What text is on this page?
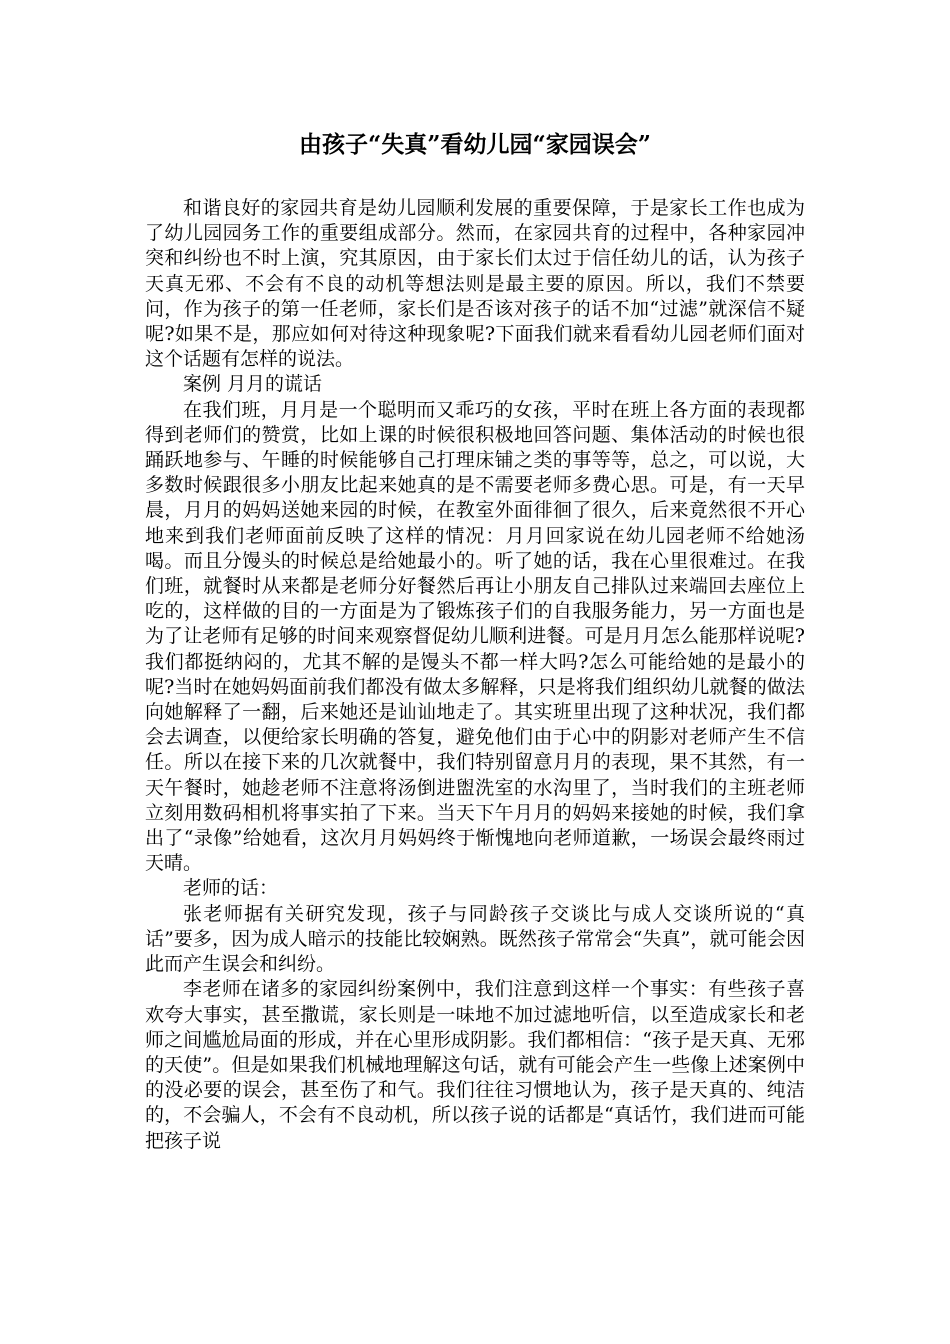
由孩子“失真”看幼儿园“家园误会”

和谐良好的家园共育是幼儿园顺利发展的重要保障，于是家长工作也成为了幼儿园园务工作的重要组成部分。然而，在家园共育的过程中，各种家园冲突和纠纷也不时上演，究其原因，由于家长们太过于信任幼儿的话，认为孩子天真无邪、不会有不良的动机等想法则是最主要的原因。所以，我们不禁要问，作为孩子的第一任老师，家长们是否该对孩子的话不加“过滤”就深信不疑呢?如果不是，那应如何对待这种现象呢?下面我们就来看看幼儿园老师们面对这个话题有怎样的说法。

案例 月月的谎话

在我们班，月月是一个聪明而又乖巧的女孩，平时在班上各方面的表现都得到老师们的赞赏，比如上课的时候很积极地回答问题、集体活动的时候也很踊跃地参与、午睡的时候能够自己打理床铺之类的事等等，总之，可以说，大多数时候跟很多小朋友比起来她真的是不需要老师多费心思。可是，有一天早晨，月月的妈妈送她来园的时候，在教室外面徘徊了很久，后来竟然很不开心地来到我们老师面前反映了这样的情况：月月回家说在幼儿园老师不给她汤喝。而且分馒头的时候总是给她最小的。听了她的话，我在心里很难过。在我们班，就餐时从来都是老师分好餐然后再让小朋友自己排队过来端回去座位上吃的，这样做的目的一方面是为了锻炼孩子们的自我服务能力，另一方面也是为了让老师有足够的时间来观察督促幼儿顺利进餐。可是月月怎么能那样说呢?我们都挺纳闷的，尤其不解的是馒头不都一样大吗?怎么可能给她的是最小的呢?当时在她妈妈面前我们都没有做太多解释，只是将我们组织幼儿就餐的做法向她解释了一翻，后来她还是讪讪地走了。其实班里出现了这种状况，我们都会去调查，以便给家长明确的答复，避免他们由于心中的阴影对老师产生不信任。所以在接下来的几次就餐中，我们特别留意月月的表现，果不其然，有一天午餐时，她趁老师不注意将汤倒进盥洗室的水沟里了，当时我们的主班老师立刻用数码相机将事实拍了下来。当天下午月月的妈妈来接她的时候，我们拿出了“录像”给她看，这次月月妈妈终于惭愧地向老师道歉，一场误会最终雨过天晴。

老师的话：

张老师据有关研究发现，孩子与同龄孩子交谈比与成人交谈所说的“真话”要多，因为成人暗示的技能比较娴熟。既然孩子常常会“失真”，就可能会因此而产生误会和纠纷。

李老师在诸多的家园纠纷案例中，我们注意到这样一个事实：有些孩子喜欢夸大事实，甚至撒谎，家长则是一味地不加过滤地听信，以至造成家长和老师之间尴尬局面的形成，并在心里形成阴影。我们都相信：“孩子是天真、无邪的天使”。但是如果我们机械地理解这句话，就有可能会产生一些像上述案例中的没必要的误会，甚至伤了和气。我们往往习惯地认为，孩子是天真的、纯洁的，不会骗人，不会有不良动机，所以孩子说的话都是“真话竹，我们进而可能把孩子说
